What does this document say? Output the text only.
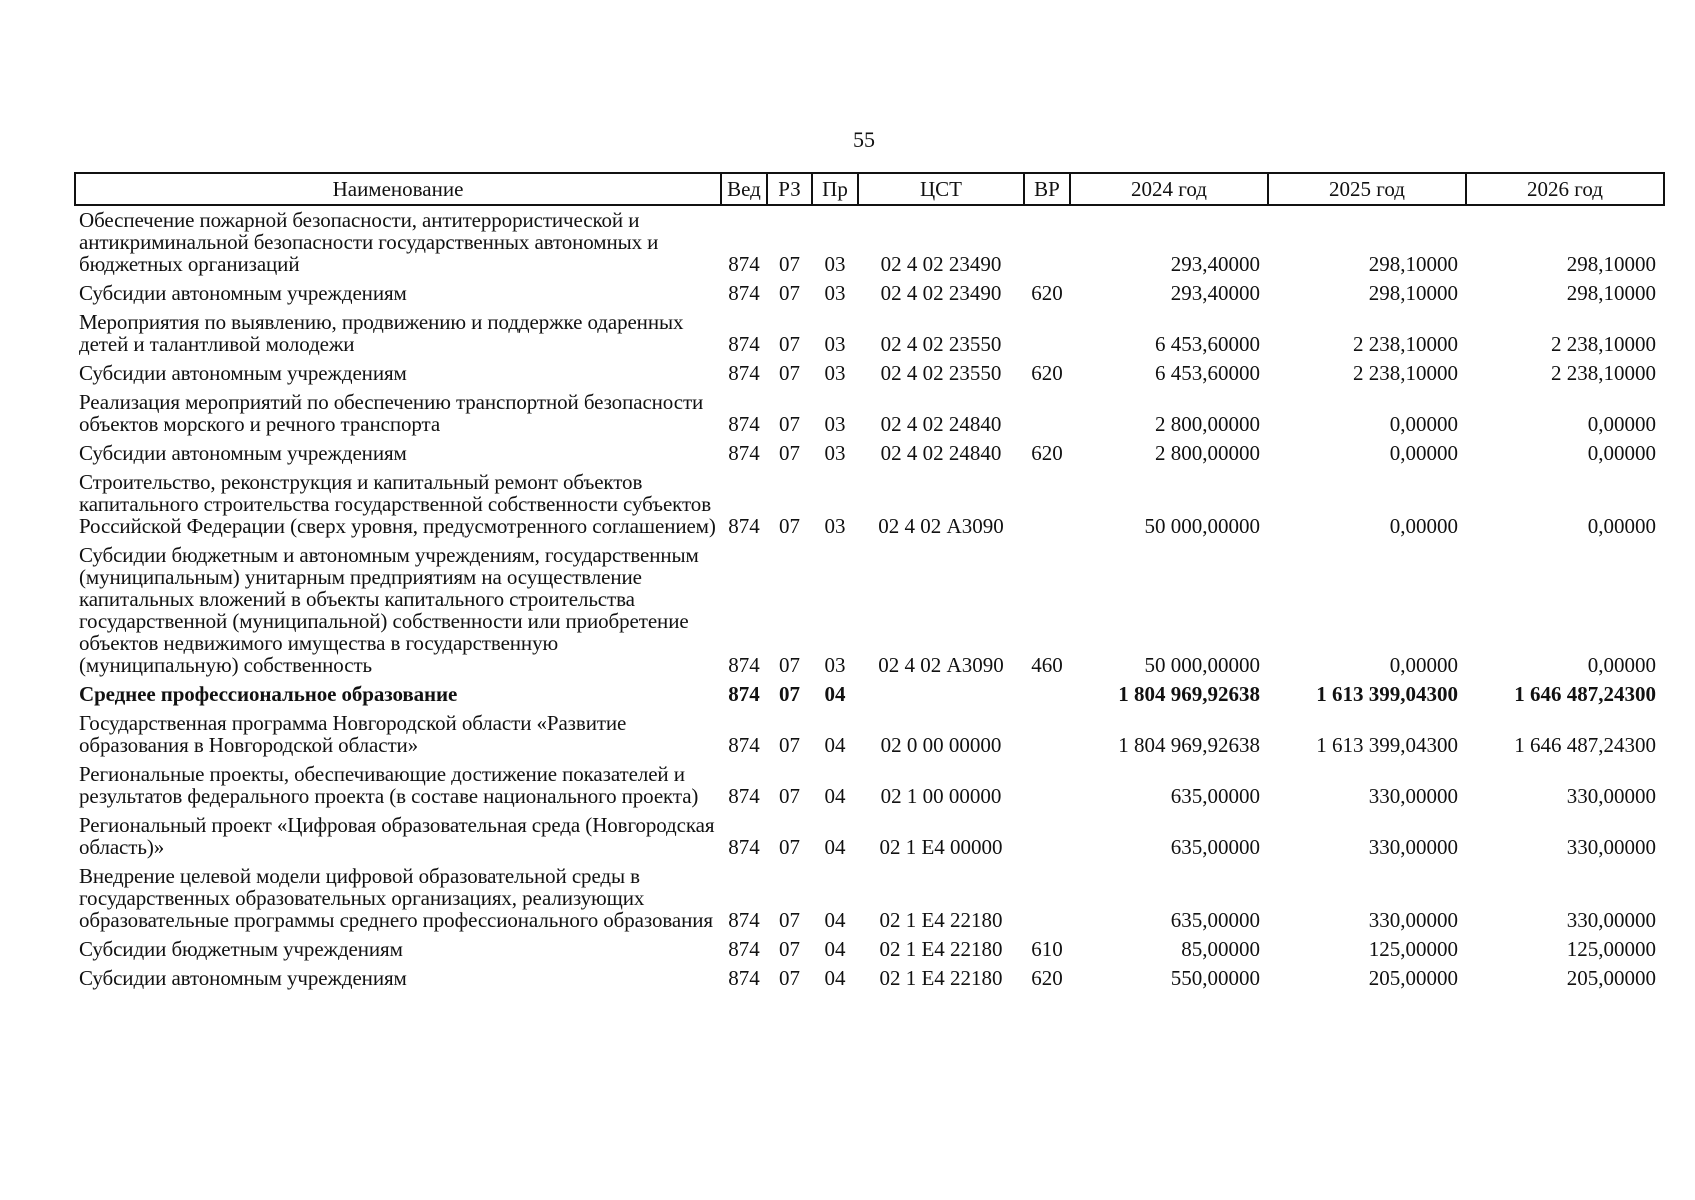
55
Наименование	Вед	РЗ	Пр	ЦСТ	ВР	2024 год	2025 год	2026 год
Обеспечение пожарной безопасности, антитеррористической и антикриминальной безопасности государственных автономных и бюджетных организаций	874	07	03	02 4 02 23490		293,40000	298,10000	298,10000
Субсидии автономным учреждениям	874	07	03	02 4 02 23490	620	293,40000	298,10000	298,10000
Мероприятия по выявлению, продвижению и поддержке одаренных детей и талантливой молодежи	874	07	03	02 4 02 23550		6 453,60000	2 238,10000	2 238,10000
Субсидии автономным учреждениям	874	07	03	02 4 02 23550	620	6 453,60000	2 238,10000	2 238,10000
Реализация мероприятий по обеспечению транспортной безопасности объектов морского и речного транспорта	874	07	03	02 4 02 24840		2 800,00000	0,00000	0,00000
Субсидии автономным учреждениям	874	07	03	02 4 02 24840	620	2 800,00000	0,00000	0,00000
Строительство, реконструкция и капитальный ремонт объектов капитального строительства государственной собственности субъектов Российской Федерации (сверх уровня, предусмотренного соглашением)	874	07	03	02 4 02 А3090		50 000,00000	0,00000	0,00000
Субсидии бюджетным и автономным учреждениям, государственным (муниципальным) унитарным предприятиям на осуществление капитальных вложений в объекты капитального строительства государственной (муниципальной) собственности или приобретение объектов недвижимого имущества в государственную (муниципальную) собственность	874	07	03	02 4 02 А3090	460	50 000,00000	0,00000	0,00000
Среднее профессиональное образование	874	07	04			1 804 969,92638	1 613 399,04300	1 646 487,24300
Государственная программа Новгородской области «Развитие образования в Новгородской области»	874	07	04	02 0 00 00000		1 804 969,92638	1 613 399,04300	1 646 487,24300
Региональные проекты, обеспечивающие достижение показателей и результатов федерального проекта (в составе национального проекта)	874	07	04	02 1 00 00000		635,00000	330,00000	330,00000
Региональный проект «Цифровая образовательная среда (Новгородская область)»	874	07	04	02 1 Е4 00000		635,00000	330,00000	330,00000
Внедрение целевой модели цифровой образовательной среды в государственных образовательных организациях, реализующих образовательные программы среднего профессионального образования	874	07	04	02 1 Е4 22180		635,00000	330,00000	330,00000
Субсидии бюджетным учреждениям	874	07	04	02 1 Е4 22180	610	85,00000	125,00000	125,00000
Субсидии автономным учреждениям	874	07	04	02 1 Е4 22180	620	550,00000	205,00000	205,00000
